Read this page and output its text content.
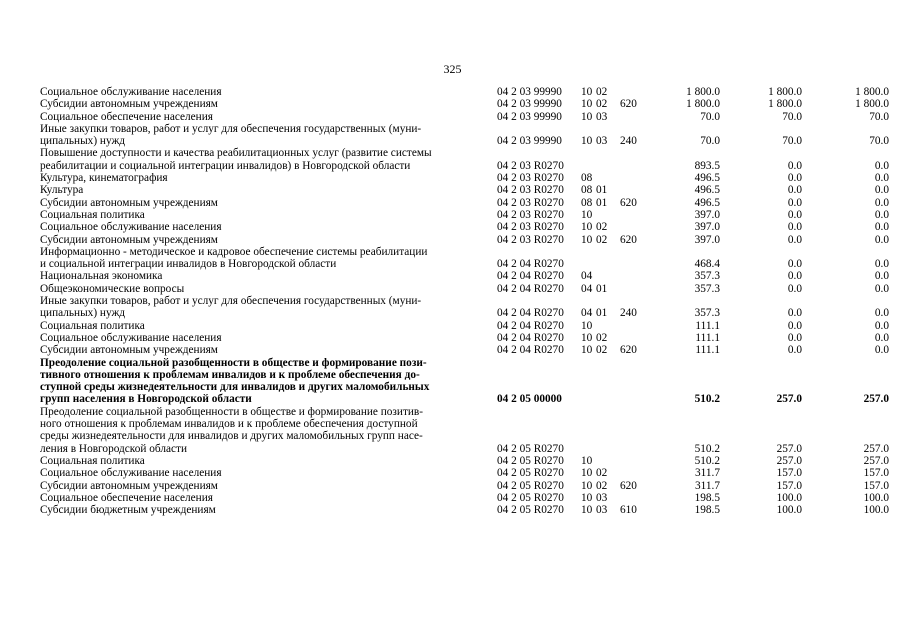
325
Социальное обслуживание населения	04 2 03 99990	10 02	1 800.0	1 800.0	1 800.0
Субсидии автономным учреждениям	04 2 03 99990	10 02	620	1 800.0	1 800.0	1 800.0
Социальное обеспечение населения	04 2 03 99990	10 03	70.0	70.0	70.0
Иные закупки товаров, работ и услуг для обеспечения государственных (муни-
ципальных) нужд	04 2 03 99990	10 03	240	70.0	70.0	70.0
Повышение доступности и качества реабилитационных услуг (развитие системы
реабилитации и социальной интеграции инвалидов) в Новгородской области	04 2 03 R0270	893.5	0.0	0.0
Культура, кинематография	04 2 03 R0270	08	496.5	0.0	0.0
Культура	04 2 03 R0270	08 01	496.5	0.0	0.0
Субсидии автономным учреждениям	04 2 03 R0270	08 01	620	496.5	0.0	0.0
Социальная политика	04 2 03 R0270	10	397.0	0.0	0.0
Социальное обслуживание населения	04 2 03 R0270	10 02	397.0	0.0	0.0
Субсидии автономным учреждениям	04 2 03 R0270	10 02	620	397.0	0.0	0.0
Информационно - методическое и кадровое обеспечение системы реабилитации
и социальной интеграции инвалидов в Новгородской области	04 2 04 R0270	468.4	0.0	0.0
Национальная экономика	04 2 04 R0270	04	357.3	0.0	0.0
Общеэкономические вопросы	04 2 04 R0270	04 01	357.3	0.0	0.0
Иные закупки товаров, работ и услуг для обеспечения государственных (муни-
ципальных) нужд	04 2 04 R0270	04 01	240	357.3	0.0	0.0
Социальная политика	04 2 04 R0270	10	111.1	0.0	0.0
Социальное обслуживание населения	04 2 04 R0270	10 02	111.1	0.0	0.0
Субсидии автономным учреждениям	04 2 04 R0270	10 02	620	111.1	0.0	0.0
Преодоление социальной разобщенности в обществе и формирование пози-
тивного отношения к проблемам инвалидов и к проблеме обеспечения до-
ступной среды жизнедеятельности для инвалидов и других маломобильных
групп населения в Новгородской области	04 2 05 00000	510.2	257.0	257.0
Преодоление социальной разобщенности в обществе и формирование позитив-
ного отношения к проблемам инвалидов и к проблеме обеспечения доступной
среды жизнедеятельности для инвалидов и других маломобильных групп насе-
ления в Новгородской области	04 2 05 R0270	510.2	257.0	257.0
Социальная политика	04 2 05 R0270	10	510.2	257.0	257.0
Социальное обслуживание населения	04 2 05 R0270	10 02	311.7	157.0	157.0
Субсидии автономным учреждениям	04 2 05 R0270	10 02	620	311.7	157.0	157.0
Социальное обеспечение населения	04 2 05 R0270	10 03	198.5	100.0	100.0
Субсидии бюджетным учреждениям	04 2 05 R0270	10 03	610	198.5	100.0	100.0
